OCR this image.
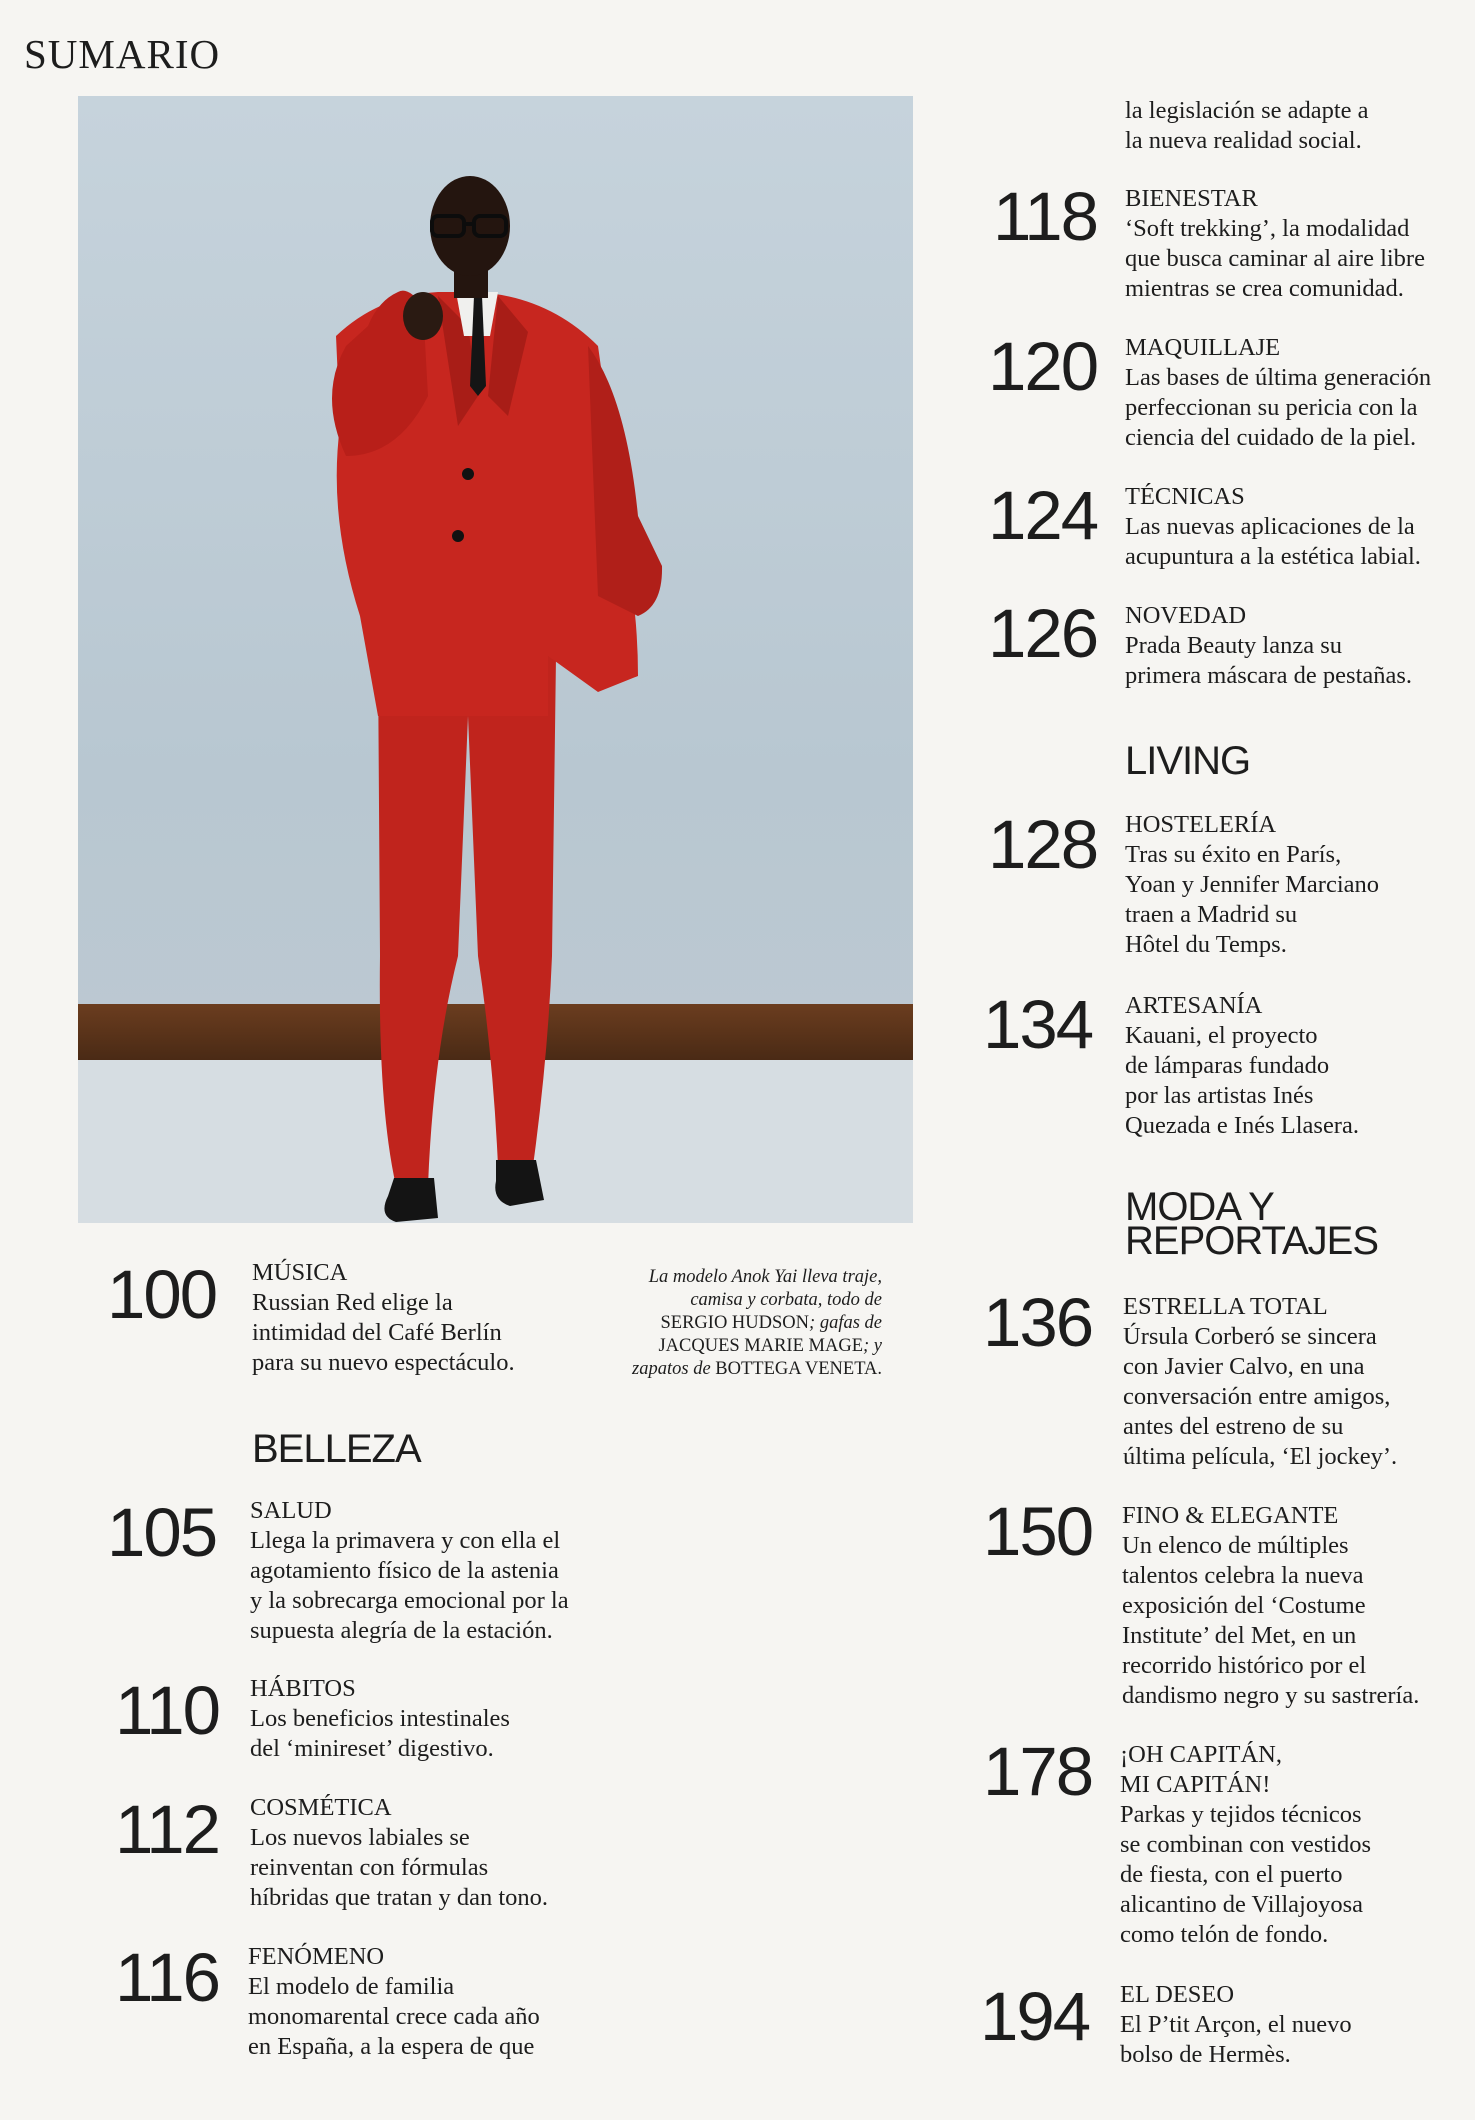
SUMARIO
La modelo Anok Yai lleva traje, camisa y corbata, todo de SERGIO HUDSON; gafas de JACQUES MARIE MAGE; y zapatos de BOTTEGA VENETA.
la legislación se adapte a
la nueva realidad social.
BELLEZA
LIVING
MODA Y
REPORTAJES
100 MÚSICA
Russian Red elige la
intimidad del Café Berlín
para su nuevo espectáculo.
105 SALUD
Llega la primavera y con ella el
agotamiento físico de la astenia
y la sobrecarga emocional por la
supuesta alegría de la estación.
110 HÁBITOS
Los beneficios intestinales
del ‘minireset’ digestivo.
112 COSMÉTICA
Los nuevos labiales se
reinventan con fórmulas
híbridas que tratan y dan tono.
116 FENÓMENO
El modelo de familia
monomarental crece cada año
en España, a la espera de que
118 BIENESTAR
‘Soft trekking’, la modalidad
que busca caminar al aire libre
mientras se crea comunidad.
120 MAQUILLAJE
Las bases de última generación
perfeccionan su pericia con la
ciencia del cuidado de la piel.
124 TÉCNICAS
Las nuevas aplicaciones de la
acupuntura a la estética labial.
126 NOVEDAD
Prada Beauty lanza su
primera máscara de pestañas.
128 HOSTELERÍA
Tras su éxito en París,
Yoan y Jennifer Marciano
traen a Madrid su
Hôtel du Temps.
134 ARTESANÍA
Kauani, el proyecto
de lámparas fundado
por las artistas Inés
Quezada e Inés Llasera.
136 ESTRELLA TOTAL
Úrsula Corberó se sincera
con Javier Calvo, en una
conversación entre amigos,
antes del estreno de su
última película, ‘El jockey’.
150 FINO & ELEGANTE
Un elenco de múltiples
talentos celebra la nueva
exposición del ‘Costume
Institute’ del Met, en un
recorrido histórico por el
dandismo negro y su sastrería.
178 ¡OH CAPITÁN,
MI CAPITÁN!
Parkas y tejidos técnicos
se combinan con vestidos
de fiesta, con el puerto
alicantino de Villajoyosa
como telón de fondo.
194 EL DESEO
El P’tit Arçon, el nuevo
bolso de Hermès.
